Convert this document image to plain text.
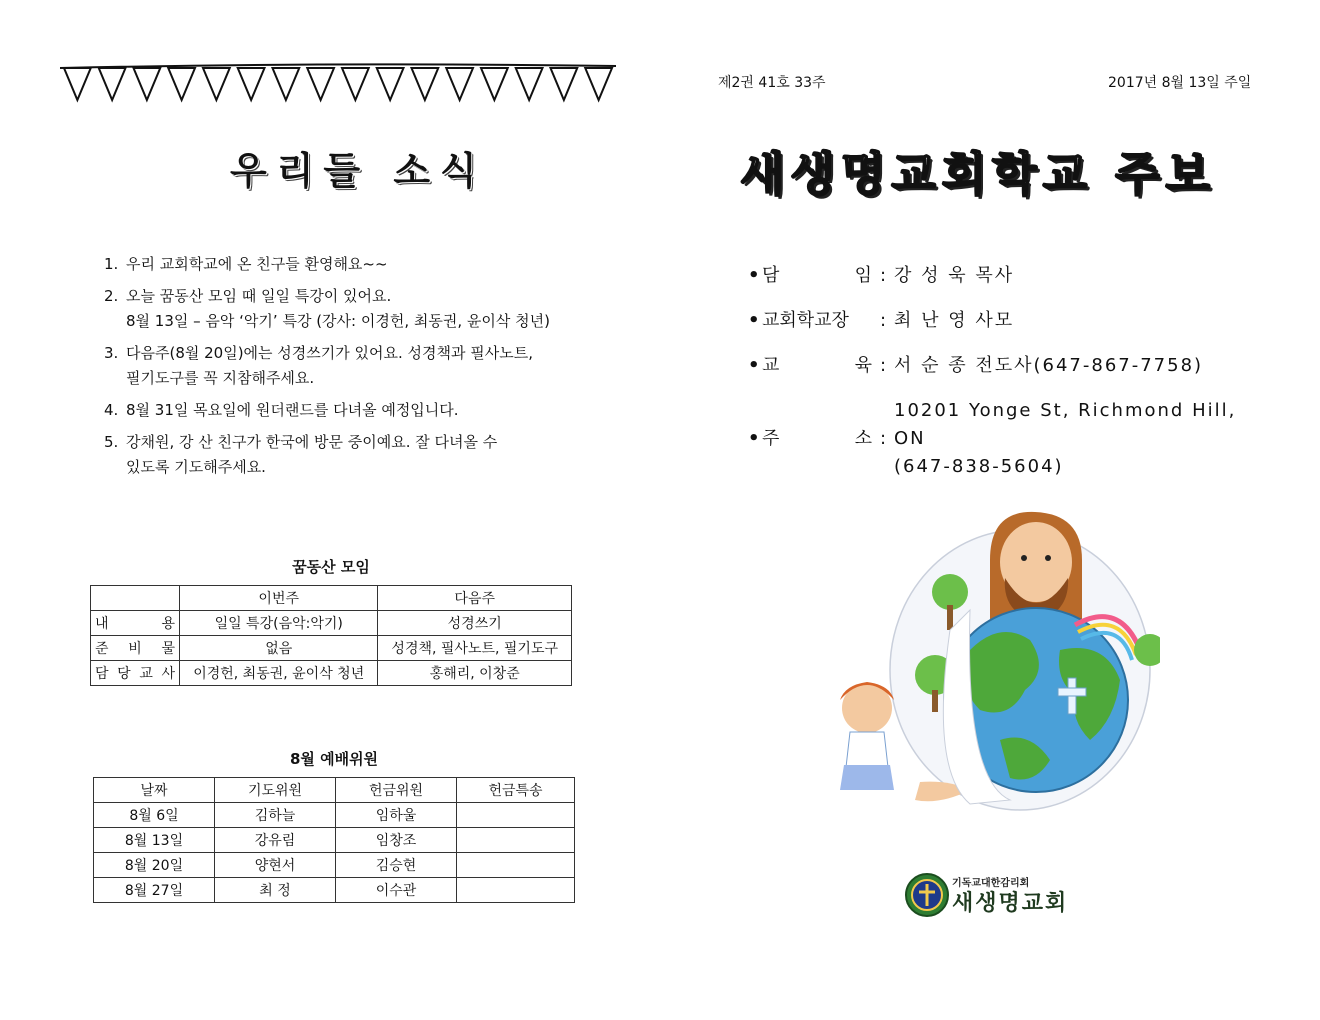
우리들 소식
1. 우리 교회학교에 온 친구들 환영해요~~
2. 오늘 꿈동산 모임 때 일일 특강이 있어요.
8월 13일 – 음악 ‘악기’ 특강 (강사: 이경헌, 최동권, 윤이삭 청년)
3. 다음주(8월 20일)에는 성경쓰기가 있어요. 성경책과 필사노트,
필기도구를 꼭 지참해주세요.
4. 8월 31일 목요일에 원더랜드를 다녀올 예정입니다.
5. 강채원, 강 산 친구가 한국에 방문 중이예요. 잘 다녀올 수
있도록 기도해주세요.
꿈동산 모임
	이번주	다음주
내 용	일일 특강(음악:악기)	성경쓰기
준 비 물	없음	성경책, 필사노트, 필기도구
담 당 교 사	이경헌, 최동권, 윤이삭 청년	홍해리, 이창준
8월 예배위원
날짜	기도위원	헌금위원	헌금특송
8월 6일	김하늘	임하울	
8월 13일	강유림	임창조	
8월 20일	양현서	김승현	
8월 27일	최 정	이수관	
제2권 41호 33주	2017년 8월 13일 주일
새생명교회학교 주보
• 담 임 : 강 성 욱 목사
• 교회학교장	: 최 난 영 사모
• 교 육 : 서 순 종 전도사(647-867-7758)
• 주 소 :
10201 Yonge St, Richmond Hill, ON
(647-838-5604)
기독교대한감리회
새생명교회
